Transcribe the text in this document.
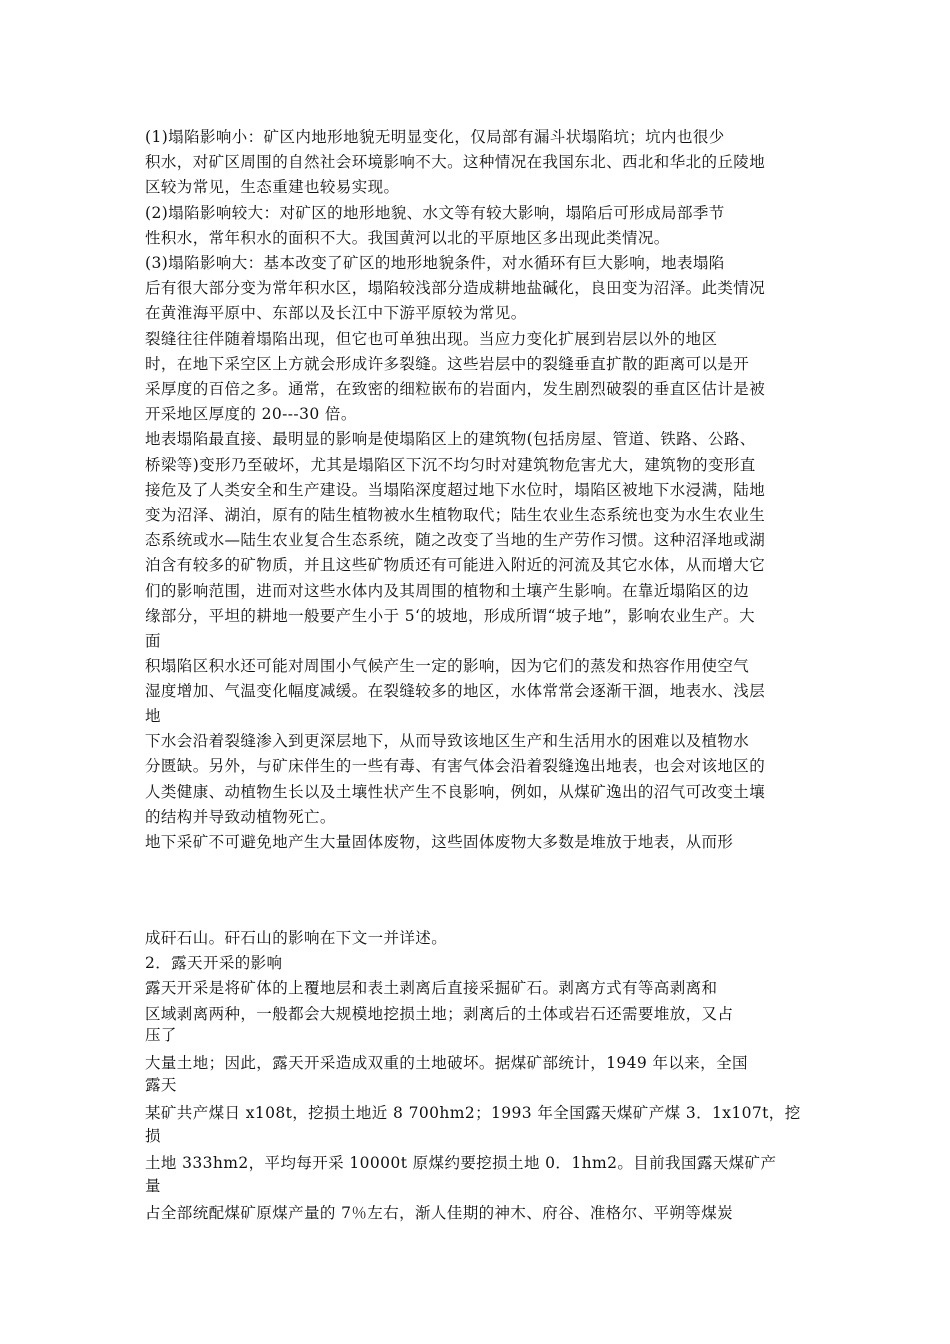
(1)塌陷影响小：矿区内地形地貌无明显变化，仅局部有漏斗状塌陷坑；坑内也很少
积水，对矿区周围的自然社会环境影响不大。这种情况在我国东北、西北和华北的丘陵地
区较为常见，生态重建也较易实现。
(2)塌陷影响较大：对矿区的地形地貌、水文等有较大影响，塌陷后可形成局部季节
性积水，常年积水的面积不大。我国黄河以北的平原地区多出现此类情况。
(3)塌陷影响大：基本改变了矿区的地形地貌条件，对水循环有巨大影响，地表塌陷
后有很大部分变为常年积水区，塌陷较浅部分造成耕地盐碱化，良田变为沼泽。此类情况
在黄淮海平原中、东部以及长江中下游平原较为常见。
裂缝往往伴随着塌陷出现，但它也可单独出现。当应力变化扩展到岩层以外的地区
时，在地下采空区上方就会形成许多裂缝。这些岩层中的裂缝垂直扩散的距离可以是开
采厚度的百倍之多。通常，在致密的细粒嵌布的岩面内，发生剧烈破裂的垂直区估计是被
开采地区厚度的 20---30 倍。
地表塌陷最直接、最明显的影响是使塌陷区上的建筑物(包括房屋、管道、铁路、公路、
桥梁等)变形乃至破坏，尤其是塌陷区下沉不均匀时对建筑物危害尤大，建筑物的变形直
接危及了人类安全和生产建设。当塌陷深度超过地下水位时，塌陷区被地下水浸满，陆地
变为沼泽、湖泊，原有的陆生植物被水生植物取代；陆生农业生态系统也变为水生农业生
态系统或水—陆生农业复合生态系统，随之改变了当地的生产劳作习惯。这种沼泽地或湖
泊含有较多的矿物质，并且这些矿物质还有可能进入附近的河流及其它水体，从而增大它
们的影响范围，进而对这些水体内及其周围的植物和土壤产生影响。在靠近塌陷区的边
缘部分，平坦的耕地一般要产生小于 5‘的坡地，形成所谓“坡子地”，影响农业生产。大
面
积塌陷区积水还可能对周围小气候产生一定的影响，因为它们的蒸发和热容作用使空气
湿度增加、气温变化幅度减缓。在裂缝较多的地区，水体常常会逐渐干涸，地表水、浅层
地
下水会沿着裂缝渗入到更深层地下，从而导致该地区生产和生活用水的困难以及植物水
分匮缺。另外，与矿床伴生的一些有毒、有害气体会沿着裂缝逸出地表，也会对该地区的
人类健康、动植物生长以及土壤性状产生不良影响，例如，从煤矿逸出的沼气可改变土壤
的结构并导致动植物死亡。
地下采矿不可避免地产生大量固体废物，这些固体废物大多数是堆放于地表，从而形
成矸石山。矸石山的影响在下文一并详述。
2．露天开采的影响
露天开采是将矿体的上覆地层和表土剥离后直接采掘矿石。剥离方式有等高剥离和
区域剥离两种，一般都会大规模地挖损土地；剥离后的土体或岩石还需要堆放，又占
压了
大量土地；因此，露天开采造成双重的土地破坏。据煤矿部统计，1949 年以来，全国
露天
某矿共产煤日 x108t，挖损土地近 8 700hm2；1993 年全国露天煤矿产煤 3．1x107t，挖
损
土地 333hm2，平均每开采 10000t 原煤约要挖损土地 0．1hm2。目前我国露天煤矿产
量
占全部统配煤矿原煤产量的 7％左右，渐人佳期的神木、府谷、准格尔、平朔等煤炭
